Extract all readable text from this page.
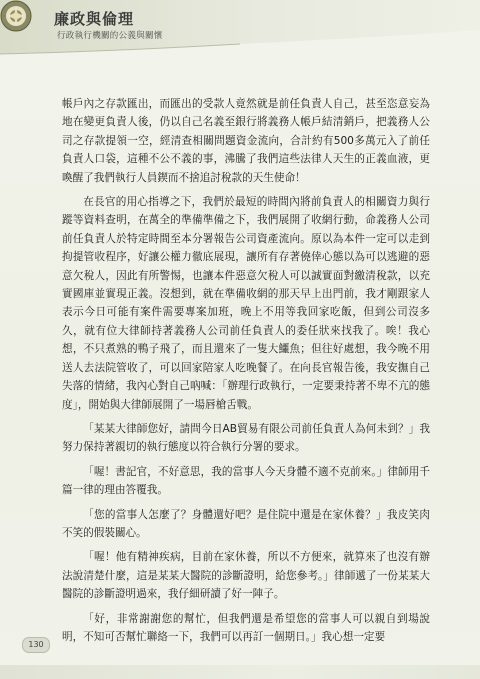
廉政與倫理
行政執行機關的公義與關懷

帳戶內之存款匯出，而匯出的受款人竟然就是前任負責人自己，甚至恣意妄為地在變更負責人後，仍以自己名義至銀行將義務人帳戶結清銷戶，把義務人公司之存款提領一空，經清查相關問題資金流向，合計約有500多萬元入了前任負責人口袋，這種不公不義的事，沸騰了我們這些法律人天生的正義血液，更喚醒了我們執行人員鍥而不捨追討稅款的天生使命！

在長官的用心指導之下，我們於最短的時間內將前負責人的相關資力與行蹤等資料查明，在萬全的準備準備之下，我們展開了收網行動，命義務人公司前任負責人於特定時間至本分署報告公司資產流向。原以為本件一定可以走到拘提管收程序，好讓公權力徹底展現，讓所有存著僥倖心態以為可以逃避的惡意欠稅人，因此有所警惕，也讓本件惡意欠稅人可以誠實面對繳清稅款，以充實國庫並實現正義。沒想到，就在準備收網的那天早上出門前，我才剛跟家人表示今日可能有案件需要專案加班，晚上不用等我回家吃飯，但到公司沒多久，就有位大律師持著義務人公司前任負責人的委任狀來找我了。唉！我心想，不只煮熟的鴨子飛了，而且還來了一隻大鱷魚；但往好處想，我今晚不用送人去法院管收了，可以回家陪家人吃晚餐了。在向長官報告後，我安撫自己失落的情緒，我內心對自己吶喊：「辦理行政執行，一定要秉持著不卑不亢的態度」，開始與大律師展開了一場唇槍舌戰。

「某某大律師您好，請問今日AB貿易有限公司前任負責人為何未到？」我努力保持著親切的執行態度以符合執行分署的要求。

「喔！書記官，不好意思，我的當事人今天身體不適不克前來。」律師用千篇一律的理由答覆我。

「您的當事人怎麼了？身體還好吧？是住院中還是在家休養？」我皮笑肉不笑的假裝關心。

「喔！他有精神疾病，目前在家休養，所以不方便來，就算來了也沒有辦法說清楚什麼，這是某某大醫院的診斷證明，給您參考。」律師遞了一份某某大醫院的診斷證明過來，我仔細研讀了好一陣子。

「好，非常謝謝您的幫忙，但我們還是希望您的當事人可以親自到場說明，不知可否幫忙聯絡一下，我們可以再訂一個期日。」我心想一定要

130
